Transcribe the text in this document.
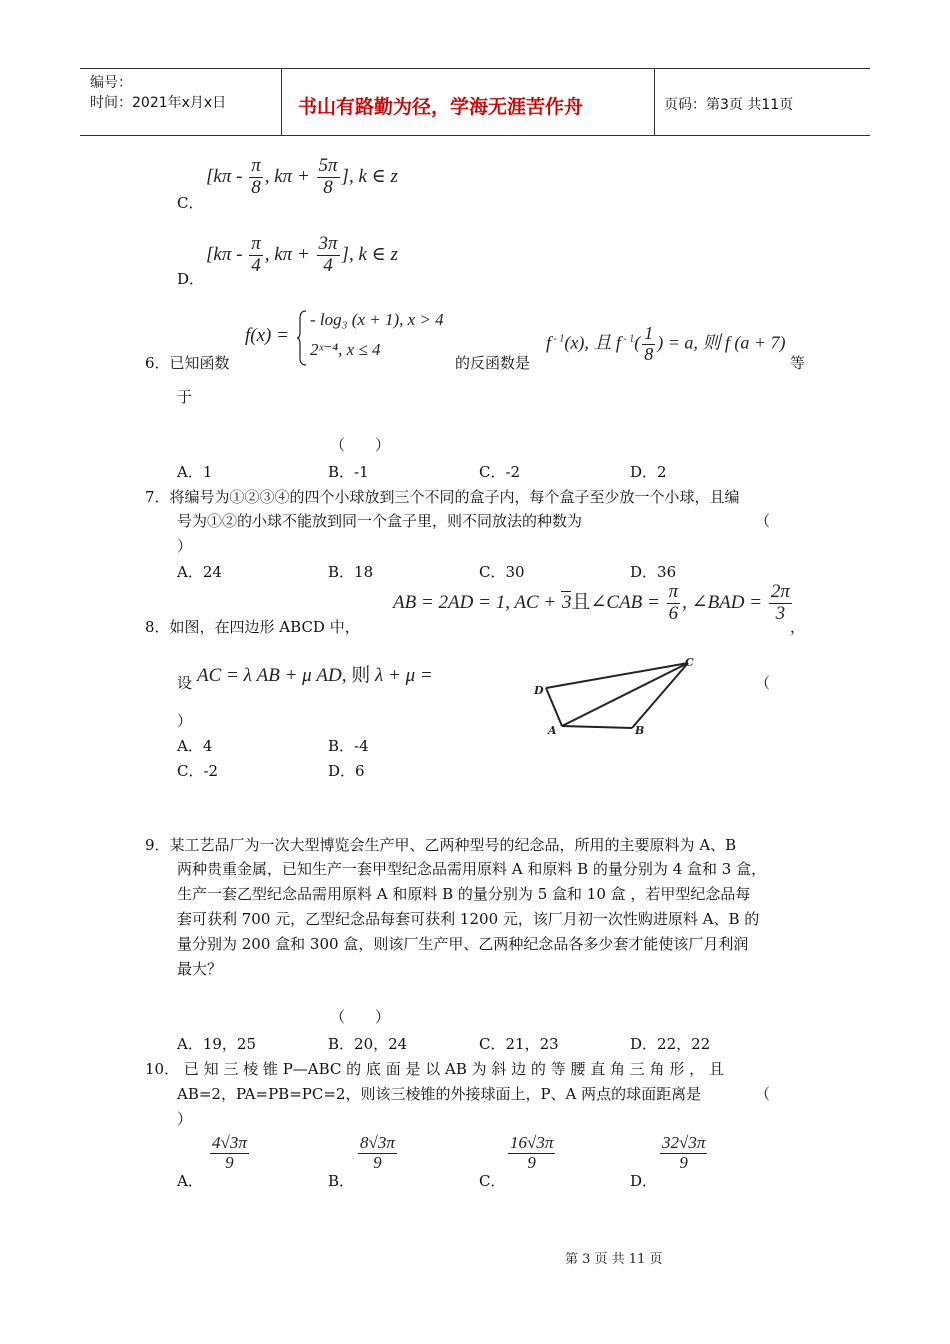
编号：
时间：2021年x月x日	书山有路勤为径，学海无涯苦作舟	页码：第3页 共11页
[$k\pi - \frac{\pi}{8}$ , $k\pi + \frac{5\pi}{8}$ ], k ∈ z
C．
[$k\pi - \frac{\pi}{4}$ , $k\pi + \frac{3\pi}{4}$ ], k ∈ z
D．
6．已知函数
f(x) =
- log₃ (x + 1), x > 4
2ˣ⁻⁴, x ≤ 4
的反函数是
f $^{- 1}$(x), 且 f $^{- 1}( \frac{1}{8}$ ) = a, 则 f (a + 7)
等
于
（　　）
A．1	B．-1	C．-2	D．2
7．将编号为①②③④的四个小球放到三个不同的盒子内，每个盒子至少放一个小球，且编
号为①②的小球不能放到同一个盒子里，则不同放法的种数为	（
）
A．24	B．18	C．30	D．36
8．如图，在四边形 ABCD 中，
AB = 2AD = 1, AC + 3且∠CAB = $\frac{\pi}{6}$ , ∠BAD = $\frac{2\pi}{3}$
，
设 AC = λ AB + μ AD, 则 λ + μ =
D
C
A	B
（
）
A．4	B．-4
C．-2	D．6
9．某工艺品厂为一次大型博览会生产甲、乙两种型号的纪念品，所用的主要原料为 A、B
两种贵重金属，已知生产一套甲型纪念品需用原料 A 和原料 B 的量分别为 4 盒和 3 盒，
生产一套乙型纪念品需用原料 A 和原料 B 的量分别为 5 盒和 10 盒 ，若甲型纪念品每
套可获利 700 元，乙型纪念品每套可获利 1200 元，该厂月初一次性购进原料 A、B 的
量分别为 200 盒和 300 盒，则该厂生产甲、乙两种纪念品各多少套才能使该厂月利润
最大？
（　　）
A．19，25	B．20，24	C．21，23	D．22，22
10． 已 知 三 棱 锥 P—ABC 的 底 面 是 以 AB 为 斜 边 的 等 腰 直 角 三 角 形 ， 且
AB=2，PA=PB=PC=2，则该三棱锥的外接球面上，P、A 两点的球面距离是	（
）
A．
$\frac{4√3\pi}{9}$
B．
$\frac{8√3\pi}{9}$
C．
$\frac{16√3\pi}{9}$
D．
$\frac{32√3\pi}{9}$
第 3 页 共 11 页
